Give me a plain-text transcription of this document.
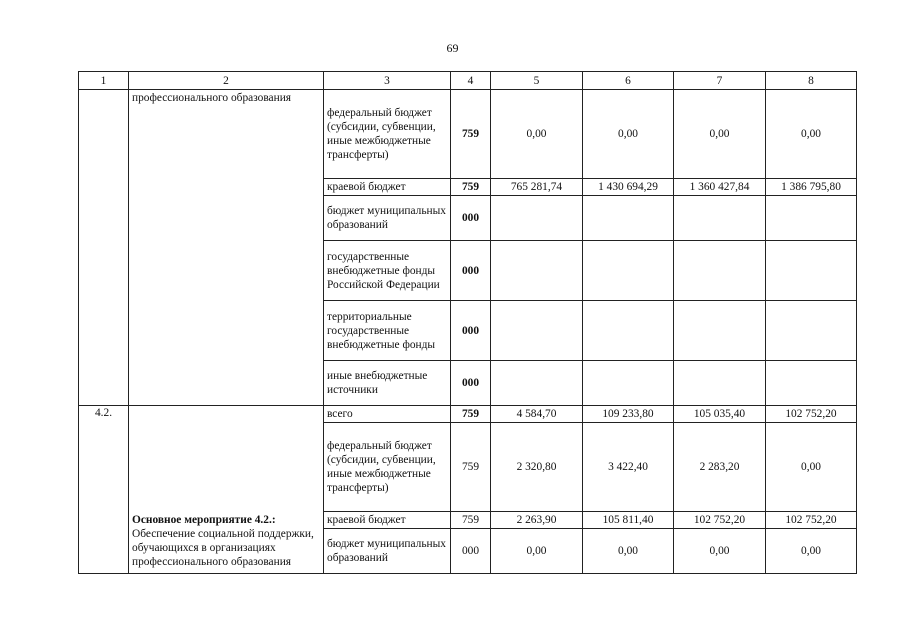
69
1	2	3	4	5	6	7	8
	профессионального образования	федеральный бюджет (субсидии, субвенции, иные межбюджетные трансферты)	759	0,00	0,00	0,00	0,00
		краевой бюджет	759	765 281,74	1 430 694,29	1 360 427,84	1 386 795,80
		бюджет муниципальных образований	000				
		государственные внебюджетные фонды Российской Федерации	000				
		территориальные государственные внебюджетные фонды	000				
		иные внебюджетные источники	000				
4.2.	Основное мероприятие 4.2.:
Обеспечение социальной поддержки, обучающихся в организациях профессионального образования	всего	759	4 584,70	109 233,80	105 035,40	102 752,20
		федеральный бюджет (субсидии, субвенции, иные межбюджетные трансферты)	759	2 320,80	3 422,40	2 283,20	0,00
		краевой бюджет	759	2 263,90	105 811,40	102 752,20	102 752,20
		бюджет муниципальных образований	000	0,00	0,00	0,00	0,00
